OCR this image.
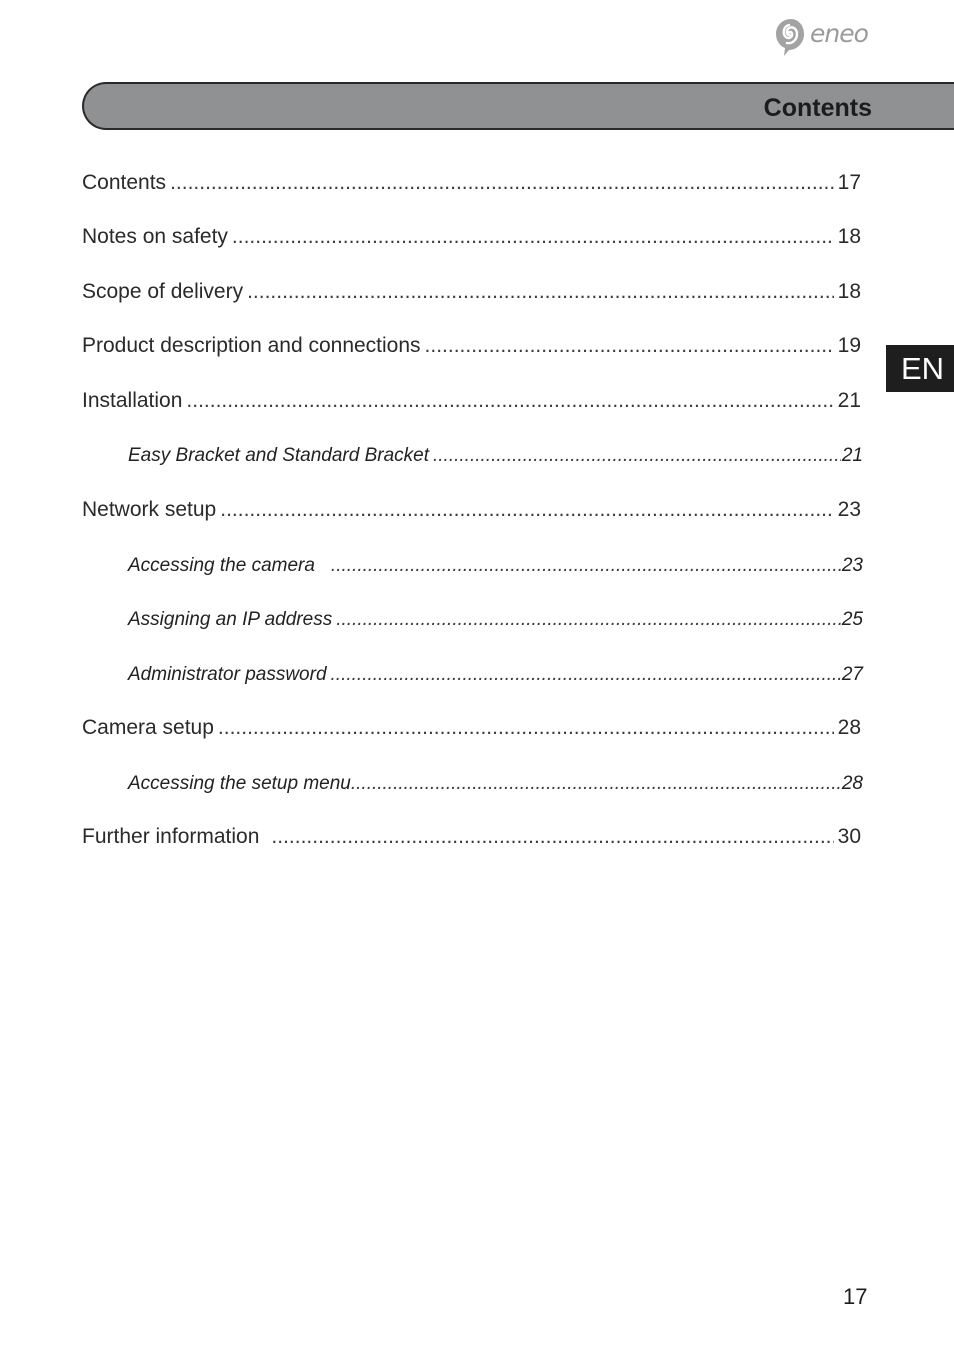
eneo
Contents
EN
Contents .....	17
Notes on safety .....	18
Scope of delivery .....	18
Product description and connections .....	19
Installation .....	21
Easy Bracket and Standard Bracket .....	21
Network setup .....	23
Accessing the camera .....	23
Assigning an IP address .....	25
Administrator password .....	27
Camera setup .....	28
Accessing the setup menu .....	28
Further information .....	30
17
